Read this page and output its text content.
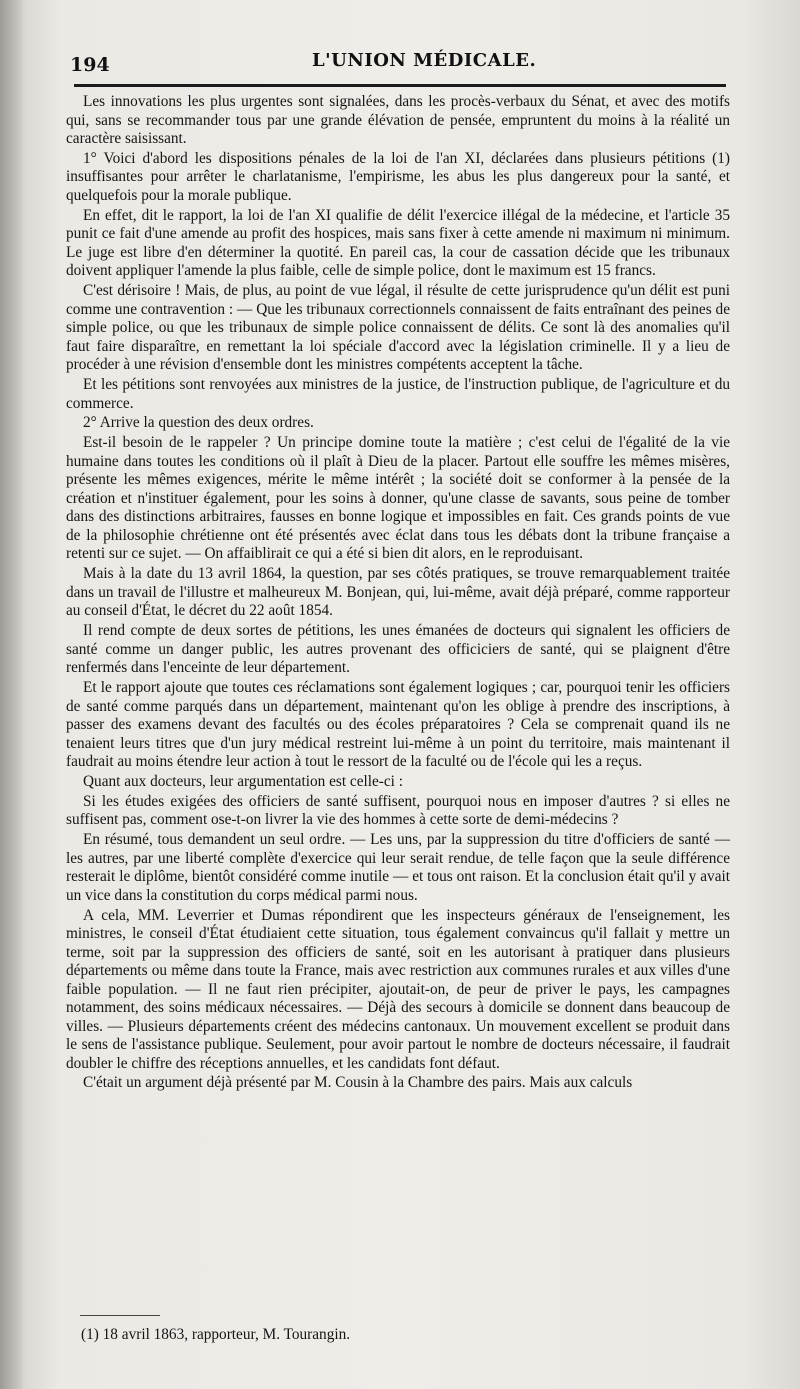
194	L'UNION MÉDICALE.

Les innovations les plus urgentes sont signalées, dans les procès-verbaux du Sénat, et avec des motifs qui, sans se recommander tous par une grande élévation de pensée, empruntent du moins à la réalité un caractère saisissant.

1° Voici d'abord les dispositions pénales de la loi de l'an XI, déclarées dans plusieurs pétitions (1) insuffisantes pour arrêter le charlatanisme, l'empirisme, les abus les plus dangereux pour la santé, et quelquefois pour la morale publique.

En effet, dit le rapport, la loi de l'an XI qualifie de délit l'exercice illégal de la médecine, et l'article 35 punit ce fait d'une amende au profit des hospices, mais sans fixer à cette amende ni maximum ni minimum. Le juge est libre d'en déterminer la quotité. En pareil cas, la cour de cassation décide que les tribunaux doivent appliquer l'amende la plus faible, celle de simple police, dont le maximum est 15 francs.

C'est dérisoire ! Mais, de plus, au point de vue légal, il résulte de cette jurisprudence qu'un délit est puni comme une contravention : — Que les tribunaux correctionnels connaissent de faits entraînant des peines de simple police, ou que les tribunaux de simple police connaissent de délits. Ce sont là des anomalies qu'il faut faire disparaître, en remettant la loi spéciale d'accord avec la législation criminelle. Il y a lieu de procéder à une révision d'ensemble dont les ministres compétents acceptent la tâche.

Et les pétitions sont renvoyées aux ministres de la justice, de l'instruction publique, de l'agriculture et du commerce.

2° Arrive la question des deux ordres.

Est-il besoin de le rappeler ? Un principe domine toute la matière ; c'est celui de l'égalité de la vie humaine dans toutes les conditions où il plaît à Dieu de la placer. Partout elle souffre les mêmes misères, présente les mêmes exigences, mérite le même intérêt ; la société doit se conformer à la pensée de la création et n'instituer également, pour les soins à donner, qu'une classe de savants, sous peine de tomber dans des distinctions arbitraires, fausses en bonne logique et impossibles en fait. Ces grands points de vue de la philosophie chrétienne ont été présentés avec éclat dans tous les débats dont la tribune française a retenti sur ce sujet. — On affaiblirait ce qui a été si bien dit alors, en le reproduisant.

Mais à la date du 13 avril 1864, la question, par ses côtés pratiques, se trouve remarquablement traitée dans un travail de l'illustre et malheureux M. Bonjean, qui, lui-même, avait déjà préparé, comme rapporteur au conseil d'État, le décret du 22 août 1854.

Il rend compte de deux sortes de pétitions, les unes émanées de docteurs qui signalent les officiers de santé comme un danger public, les autres provenant des officiciers de santé, qui se plaignent d'être renfermés dans l'enceinte de leur département.

Et le rapport ajoute que toutes ces réclamations sont également logiques ; car, pourquoi tenir les officiers de santé comme parqués dans un département, maintenant qu'on les oblige à prendre des inscriptions, à passer des examens devant des facultés ou des écoles préparatoires ? Cela se comprenait quand ils ne tenaient leurs titres que d'un jury médical restreint lui-même à un point du territoire, mais maintenant il faudrait au moins étendre leur action à tout le ressort de la faculté ou de l'école qui les a reçus.

Quant aux docteurs, leur argumentation est celle-ci :

Si les études exigées des officiers de santé suffisent, pourquoi nous en imposer d'autres ? si elles ne suffisent pas, comment ose-t-on livrer la vie des hommes à cette sorte de demi-médecins ?

En résumé, tous demandent un seul ordre. — Les uns, par la suppression du titre d'officiers de santé — les autres, par une liberté complète d'exercice qui leur serait rendue, de telle façon que la seule différence resterait le diplôme, bientôt considéré comme inutile — et tous ont raison. Et la conclusion était qu'il y avait un vice dans la constitution du corps médical parmi nous.

A cela, MM. Leverrier et Dumas répondirent que les inspecteurs généraux de l'enseignement, les ministres, le conseil d'État étudiaient cette situation, tous également convaincus qu'il fallait y mettre un terme, soit par la suppression des officiers de santé, soit en les autorisant à pratiquer dans plusieurs départements ou même dans toute la France, mais avec restriction aux communes rurales et aux villes d'une faible population. — Il ne faut rien précipiter, ajoutait-on, de peur de priver le pays, les campagnes notamment, des soins médicaux nécessaires. — Déjà des secours à domicile se donnent dans beaucoup de villes. — Plusieurs départements créent des médecins cantonaux. Un mouvement excellent se produit dans le sens de l'assistance publique. Seulement, pour avoir partout le nombre de docteurs nécessaire, il faudrait doubler le chiffre des réceptions annuelles, et les candidats font défaut.

C'était un argument déjà présenté par M. Cousin à la Chambre des pairs. Mais aux calculs

(1) 18 avril 1863, rapporteur, M. Tourangin.
